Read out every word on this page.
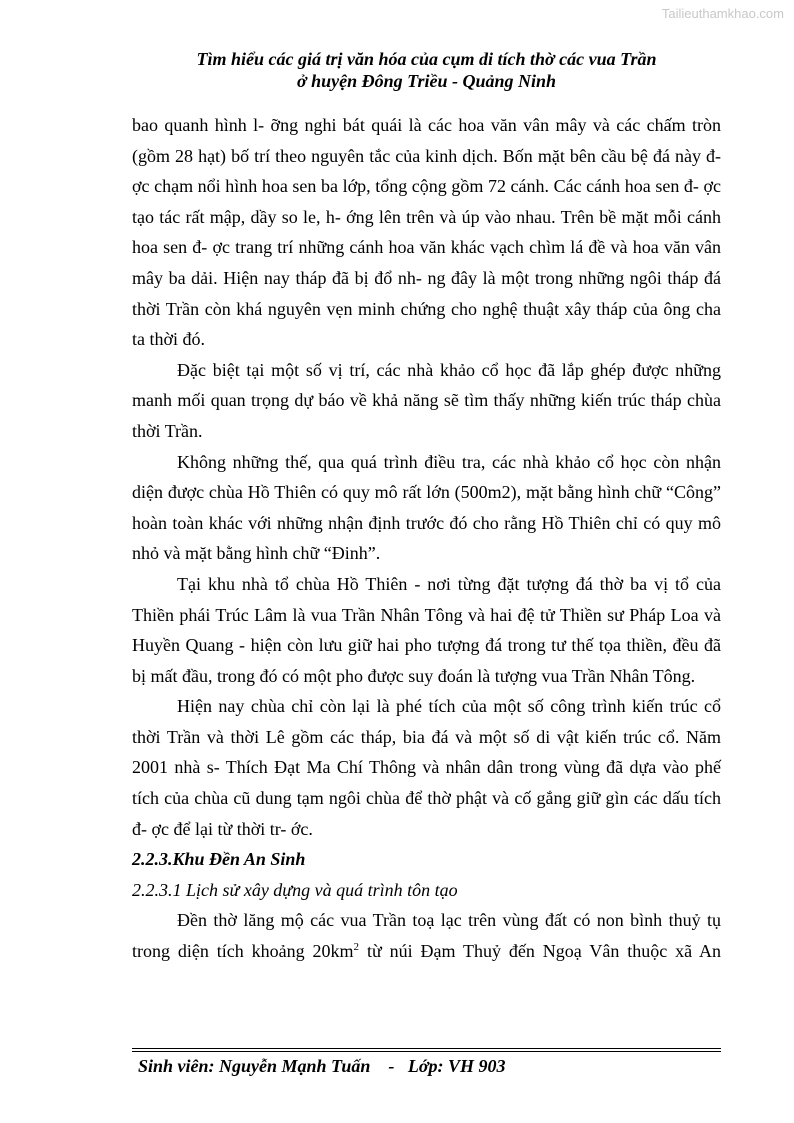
Tailieuthamkhao.com
Tìm hiểu các giá trị văn hóa của cụm di tích thờ các vua Trần
ở huyện Đông Triều - Quảng Ninh

bao quanh hình l- ỡng nghi bát quái là các hoa văn vân mây và các chấm tròn (gồm 28 hạt) bố trí theo nguyên tắc của kinh dịch. Bốn mặt bên cầu bệ đá này đ- ợc chạm nổi hình hoa sen ba lớp, tổng cộng gồm 72 cánh. Các cánh hoa sen đ- ợc tạo tác rất mập, dầy so le, h- ớng lên trên và úp vào nhau. Trên bề mặt mỗi cánh hoa sen đ- ợc trang trí những cánh hoa văn khác vạch chìm lá đề và hoa văn vân mây ba dải. Hiện nay tháp đã bị đổ nh- ng đây là một trong những ngôi tháp đá thời Trần còn khá nguyên vẹn minh chứng cho nghệ thuật xây tháp của ông cha ta thời đó.

Đặc biệt tại một số vị trí, các nhà khảo cổ học đã lắp ghép được những manh mối quan trọng dự báo về khả năng sẽ tìm thấy những kiến trúc tháp chùa thời Trần.

Không những thế, qua quá trình điều tra, các nhà khảo cổ học còn nhận diện được chùa Hồ Thiên có quy mô rất lớn (500m2), mặt bằng hình chữ “Công” hoàn toàn khác với những nhận định trước đó cho rằng Hồ Thiên chỉ có quy mô nhỏ và mặt bằng hình chữ “Đinh”.

Tại khu nhà tổ chùa Hồ Thiên - nơi từng đặt tượng đá thờ ba vị tổ của Thiền phái Trúc Lâm là vua Trần Nhân Tông và hai đệ tử Thiền sư Pháp Loa và Huyền Quang - hiện còn lưu giữ hai pho tượng đá trong tư thế tọa thiền, đều đã bị mất đầu, trong đó có một pho được suy đoán là tượng vua Trần Nhân Tông.

Hiện nay chùa chỉ còn lại là phé tích của một số công trình kiến trúc cổ thời Trần và thời Lê gồm các tháp, bia đá và một số di vật kiến trúc cổ. Năm 2001 nhà s- Thích Đạt Ma Chí Thông và nhân dân trong vùng đã dựa vào phế tích của chùa cũ dung tạm ngôi chùa để thờ phật và cố gắng giữ gìn các dấu tích đ- ợc để lại từ thời tr- ớc.

2.2.3.Khu Đền An Sinh

2.2.3.1 Lịch sử xây dựng và quá trình tôn tạo

Đền thờ lăng mộ các vua Trần toạ lạc trên vùng đất có non bình thuỷ tụ trong diện tích khoảng $20km^2$ từ núi Đạm Thuỷ đến Ngoạ Vân thuộc xã An

Sinh viên: Nguyễn Mạnh Tuấn    -   Lớp: VH 903
